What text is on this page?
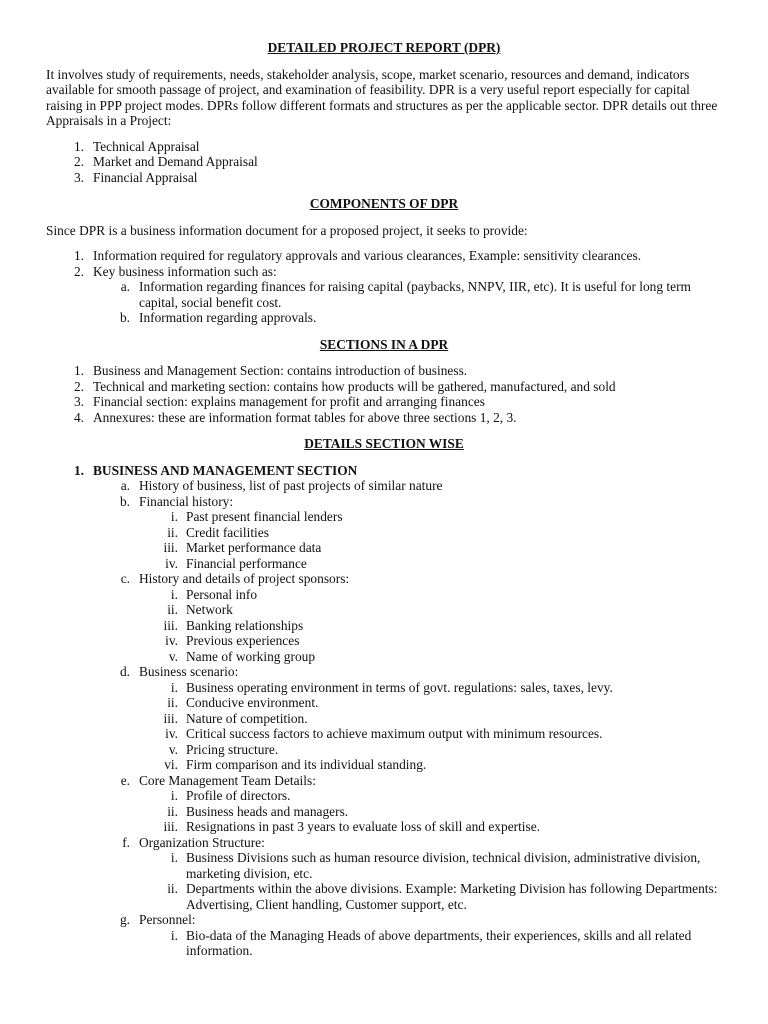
DETAILED PROJECT REPORT (DPR)

It involves study of requirements, needs, stakeholder analysis, scope, market scenario, resources and demand, indicators available for smooth passage of project, and examination of feasibility. DPR is a very useful report especially for capital raising in PPP project modes. DPRs follow different formats and structures as per the applicable sector. DPR details out three Appraisals in a Project:

1. Technical Appraisal
2. Market and Demand Appraisal
3. Financial Appraisal

COMPONENTS OF DPR

Since DPR is a business information document for a proposed project, it seeks to provide:

1. Information required for regulatory approvals and various clearances, Example: sensitivity clearances.
2. Key business information such as:
a. Information regarding finances for raising capital (paybacks, NNPV, IIR, etc). It is useful for long term capital, social benefit cost.
b. Information regarding approvals.

SECTIONS IN A DPR

1. Business and Management Section: contains introduction of business.
2. Technical and marketing section: contains how products will be gathered, manufactured, and sold
3. Financial section: explains management for profit and arranging finances
4. Annexures: these are information format tables for above three sections 1, 2, 3.

DETAILS SECTION WISE

1. BUSINESS AND MANAGEMENT SECTION
a. History of business, list of past projects of similar nature
b. Financial history:
i. Past present financial lenders
ii. Credit facilities
iii. Market performance data
iv. Financial performance
c. History and details of project sponsors:
i. Personal info
ii. Network
iii. Banking relationships
iv. Previous experiences
v. Name of working group
d. Business scenario:
i. Business operating environment in terms of govt. regulations: sales, taxes, levy.
ii. Conducive environment.
iii. Nature of competition.
iv. Critical success factors to achieve maximum output with minimum resources.
v. Pricing structure.
vi. Firm comparison and its individual standing.
e. Core Management Team Details:
i. Profile of directors.
ii. Business heads and managers.
iii. Resignations in past 3 years to evaluate loss of skill and expertise.
f. Organization Structure:
i. Business Divisions such as human resource division, technical division, administrative division, marketing division, etc.
ii. Departments within the above divisions. Example: Marketing Division has following Departments: Advertising, Client handling, Customer support, etc.
g. Personnel:
i. Bio-data of the Managing Heads of above departments, their experiences, skills and all related information.
